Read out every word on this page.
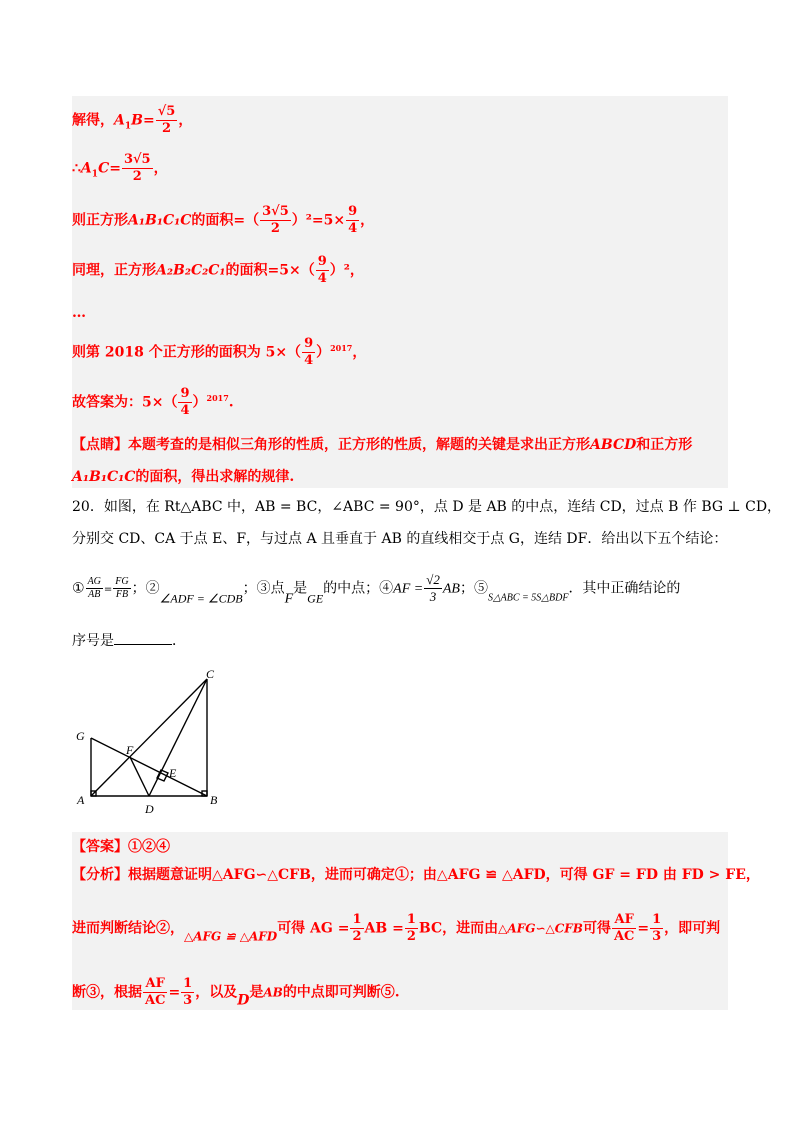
解得，$A_1B= \frac{√5}{2}$ ，
$\therefore A_1C= \frac{3√5}{2}$ ，
则正方形A₁B₁C₁C的面积=（ $\frac{3√5}{2} )^2=5\times \frac{9}{4}$ ，
同理，正方形A₂B₂C₂C₁的面积$=5\times( \frac{9}{4} )^2$，
…
则第 2018 个正方形的面积为 $5\times( \frac{9}{4} )^{2017}$，
故答案为：$5\times( \frac{9}{4} )^{2017}$.
【点睛】本题考查的是相似三角形的性质，正方形的性质，解题的关键是求出正方形ABCD和正方形
A₁B₁C₁C的面积，得出求解的规律.
20．如图，在 Rt△ABC 中，AB = BC，∠ABC = 90°，点 D 是 AB 的中点，连结 CD，过点 B 作 BG ⊥ CD，
分别交 CD、CA 于点 E、F，与过点 A 且垂直于 AB 的直线相交于点 G，连结 DF．给出以下五个结论：
① $\frac{AG}{AB} = \frac{FG}{FB}$ ；②∠ADF = ∠CDB；③点F是GE的中点；④AF = $\frac{√2}{3}$ AB；$⑤_{S\triangle ABC = 5S\triangle BDF}$．其中正确结论的
序号是	．
C
G
F
E
A
D
B
【答案】①②④
【分析】根据题意证明△AFG∽△CFB，进而可确定①；由△AFG ≌ △AFD，可得 GF = FD 由 FD > FE，
进而判断结论②，△AFG ≌ △AFD可得 AG = $\frac{1}{2}$ AB = $\frac{1}{2}$ BC，进而由△AFG∽△CFB可得 $\frac{AF}{AC} = \frac{1}{3}$ ，即可判
断③，根据 $\frac{AF}{AC} = \frac{1}{3}$ ，以及D是AB的中点即可判断⑤.
